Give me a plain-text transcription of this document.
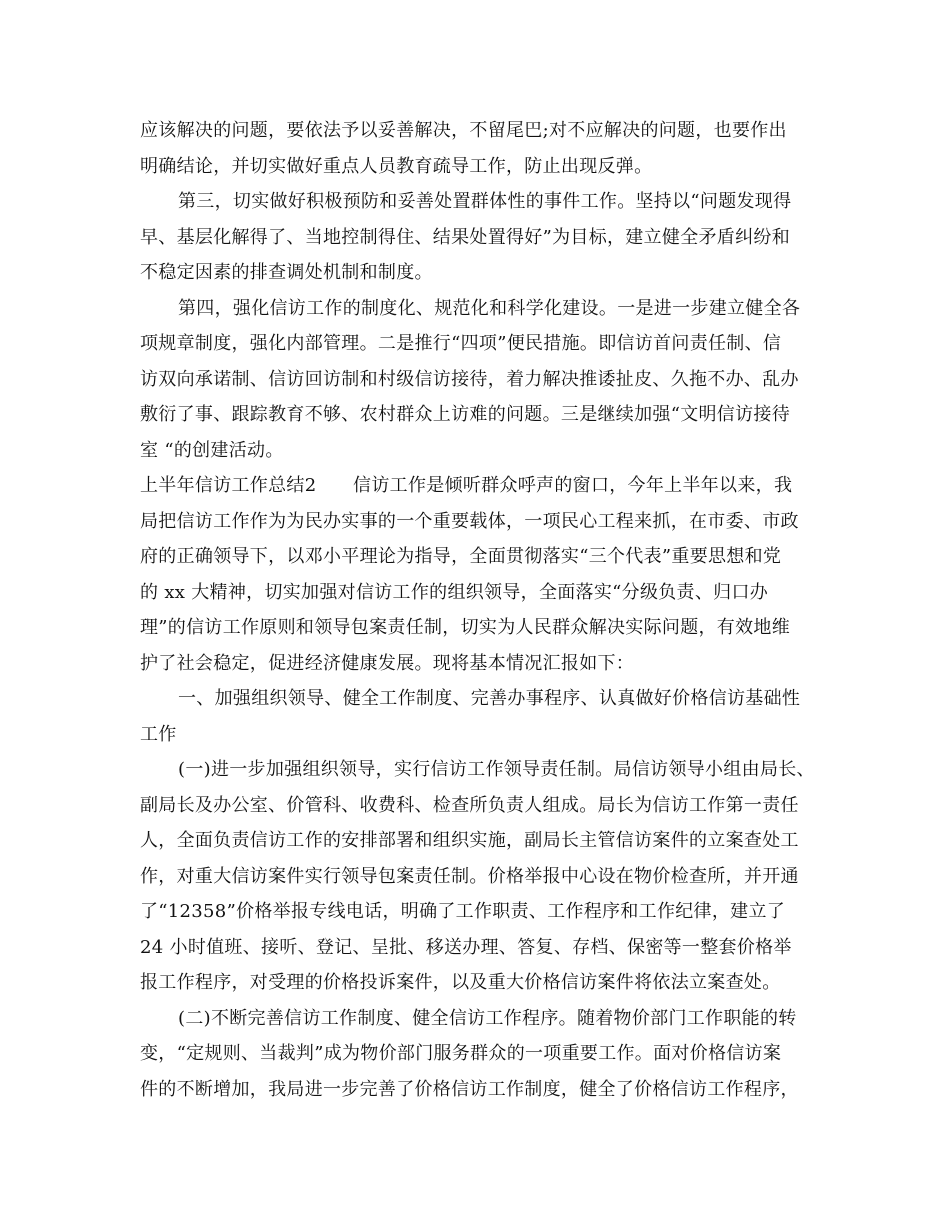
应该解决的问题，要依法予以妥善解决，不留尾巴;对不应解决的问题，也要作出
明确结论，并切实做好重点人员教育疏导工作，防止出现反弹。
第三，切实做好积极预防和妥善处置群体性的事件工作。坚持以“问题发现得
早、基层化解得了、当地控制得住、结果处置得好”为目标，建立健全矛盾纠纷和
不稳定因素的排查调处机制和制度。
第四，强化信访工作的制度化、规范化和科学化建设。一是进一步建立健全各
项规章制度，强化内部管理。二是推行“四项”便民措施。即信访首问责任制、信
访双向承诺制、信访回访制和村级信访接待，着力解决推诿扯皮、久拖不办、乱办
敷衍了事、跟踪教育不够、农村群众上访难的问题。三是继续加强“文明信访接待
室 “的创建活动。
上半年信访工作总结2　　信访工作是倾听群众呼声的窗口，今年上半年以来，我
局把信访工作作为为民办实事的一个重要载体，一项民心工程来抓，在市委、市政
府的正确领导下，以邓小平理论为指导，全面贯彻落实“三个代表”重要思想和党
的 xx 大精神，切实加强对信访工作的组织领导，全面落实“分级负责、归口办
理”的信访工作原则和领导包案责任制，切实为人民群众解决实际问题，有效地维
护了社会稳定，促进经济健康发展。现将基本情况汇报如下：
一、加强组织领导、健全工作制度、完善办事程序、认真做好价格信访基础性
工作
(一)进一步加强组织领导，实行信访工作领导责任制。局信访领导小组由局长、
副局长及办公室、价管科、收费科、检查所负责人组成。局长为信访工作第一责任
人，全面负责信访工作的安排部署和组织实施，副局长主管信访案件的立案查处工
作，对重大信访案件实行领导包案责任制。价格举报中心设在物价检查所，并开通
了“12358”价格举报专线电话，明确了工作职责、工作程序和工作纪律，建立了
24 小时值班、接听、登记、呈批、移送办理、答复、存档、保密等一整套价格举
报工作程序，对受理的价格投诉案件，以及重大价格信访案件将依法立案查处。
(二)不断完善信访工作制度、健全信访工作程序。随着物价部门工作职能的转
变，“定规则、当裁判”成为物价部门服务群众的一项重要工作。面对价格信访案
件的不断增加，我局进一步完善了价格信访工作制度，健全了价格信访工作程序，
